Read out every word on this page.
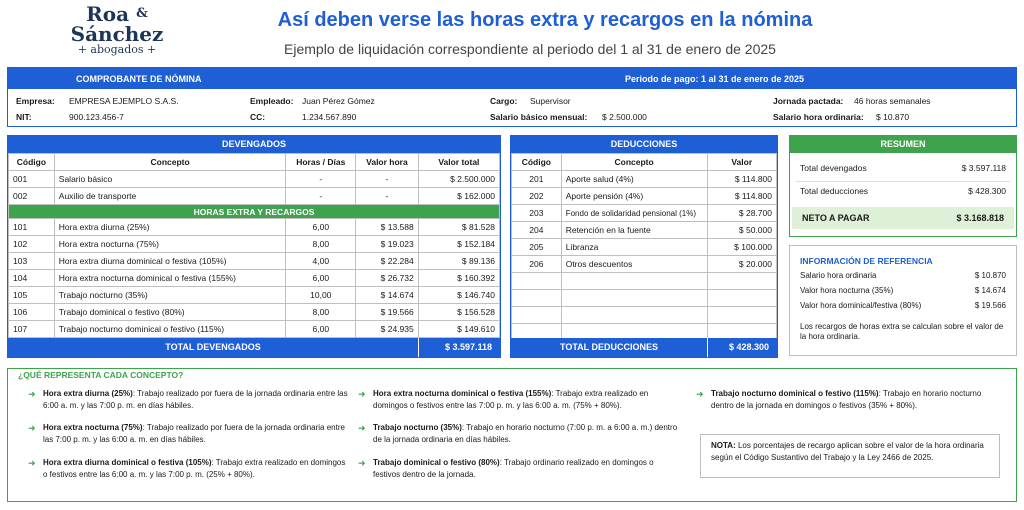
Roa &
Sánchez
+ abogados +
Así deben verse las horas extra y recargos en la nómina
Ejemplo de liquidación correspondiente al periodo del 1 al 31 de enero de 2025
COMPROBANTE DE NÓMINA	Periodo de pago: 1 al 31 de enero de 2025
Empresa: EMPRESA EJEMPLO S.A.S.
NIT:	900.123.456-7
Empleado: Juan Pérez Gómez
CC:	1.234.567.890
Cargo: Supervisor
Salario básico mensual: $ 2.500.000
Jornada pactada: 46 horas semanales
Salario hora ordinaria: $ 10.870
DEVENGADOS
Código	Concepto	Horas / Días	Valor hora	Valor total
001	Salario básico	-	-	$ 2.500.000
002	Auxilio de transporte	-	-	$ 162.000
HORAS EXTRA Y RECARGOS				
101	Hora extra diurna (25%)	6,00	$ 13.588	$ 81.528
102	Hora extra nocturna (75%)	8,00	$ 19.023	$ 152.184
103	Hora extra diurna dominical o festiva (105%)	4,00	$ 22.284	$ 89.136
104	Hora extra nocturna dominical o festiva (155%)	6,00	$ 26.732	$ 160.392
105	Trabajo nocturno (35%)	10,00	$ 14.674	$ 146.740
106	Trabajo dominical o festivo (80%)	8,00	$ 19.566	$ 156.528
107	Trabajo nocturno dominical o festivo (115%)	6,00	$ 24.935	$ 149.610
TOTAL DEVENGADOS	$ 3.597.118
DEDUCCIONES
Código	Concepto	Valor
201	Aporte salud (4%)	$ 114.800
202	Aporte pensión (4%)	$ 114.800
203	Fondo de solidaridad pensional (1%)	$ 28.700
204	Retención en la fuente	$ 50.000
205	Libranza	$ 100.000
206	Otros descuentos	$ 20.000

TOTAL DEDUCCIONES	$ 428.300
RESUMEN
Total devengados	$ 3.597.118
Total deducciones	$ 428.300
NETO A PAGAR	$ 3.168.818
INFORMACIÓN DE REFERENCIA
Salario hora ordinaria	$ 10.870
Valor hora nocturna (35%)	$ 14.674
Valor hora dominical/festiva (80%)	$ 19.566
Los recargos de horas extra se calculan sobre el valor de la hora ordinaria.
¿QUÉ REPRESENTA CADA CONCEPTO?
➜ Hora extra diurna (25%): Trabajo realizado por fuera de la jornada ordinaria entre las 6:00 a. m. y las 7:00 p. m. en días hábiles.
➜ Hora extra nocturna (75%): Trabajo realizado por fuera de la jornada ordinaria entre las 7:00 p. m. y las 6:00 a. m. en días hábiles.
➜ Hora extra diurna dominical o festiva (105%): Trabajo extra realizado en domingos o festivos entre las 6:00 a. m. y las 7:00 p. m. (25% + 80%).
➜ Hora extra nocturna dominical o festiva (155%): Trabajo extra realizado en domingos o festivos entre las 7:00 p. m. y las 6:00 a. m. (75% + 80%).
➜ Trabajo nocturno (35%): Trabajo en horario nocturno (7:00 p. m. a 6:00 a. m.) dentro de la jornada ordinaria en días hábiles.
➜ Trabajo dominical o festivo (80%): Trabajo ordinario realizado en domingos o festivos dentro de la jornada.
➜ Trabajo nocturno dominical o festivo (115%): Trabajo en horario nocturno dentro de la jornada en domingos o festivos (35% + 80%).
NOTA: Los porcentajes de recargo aplican sobre el valor de la hora ordinaria según el Código Sustantivo del Trabajo y la Ley 2466 de 2025.
